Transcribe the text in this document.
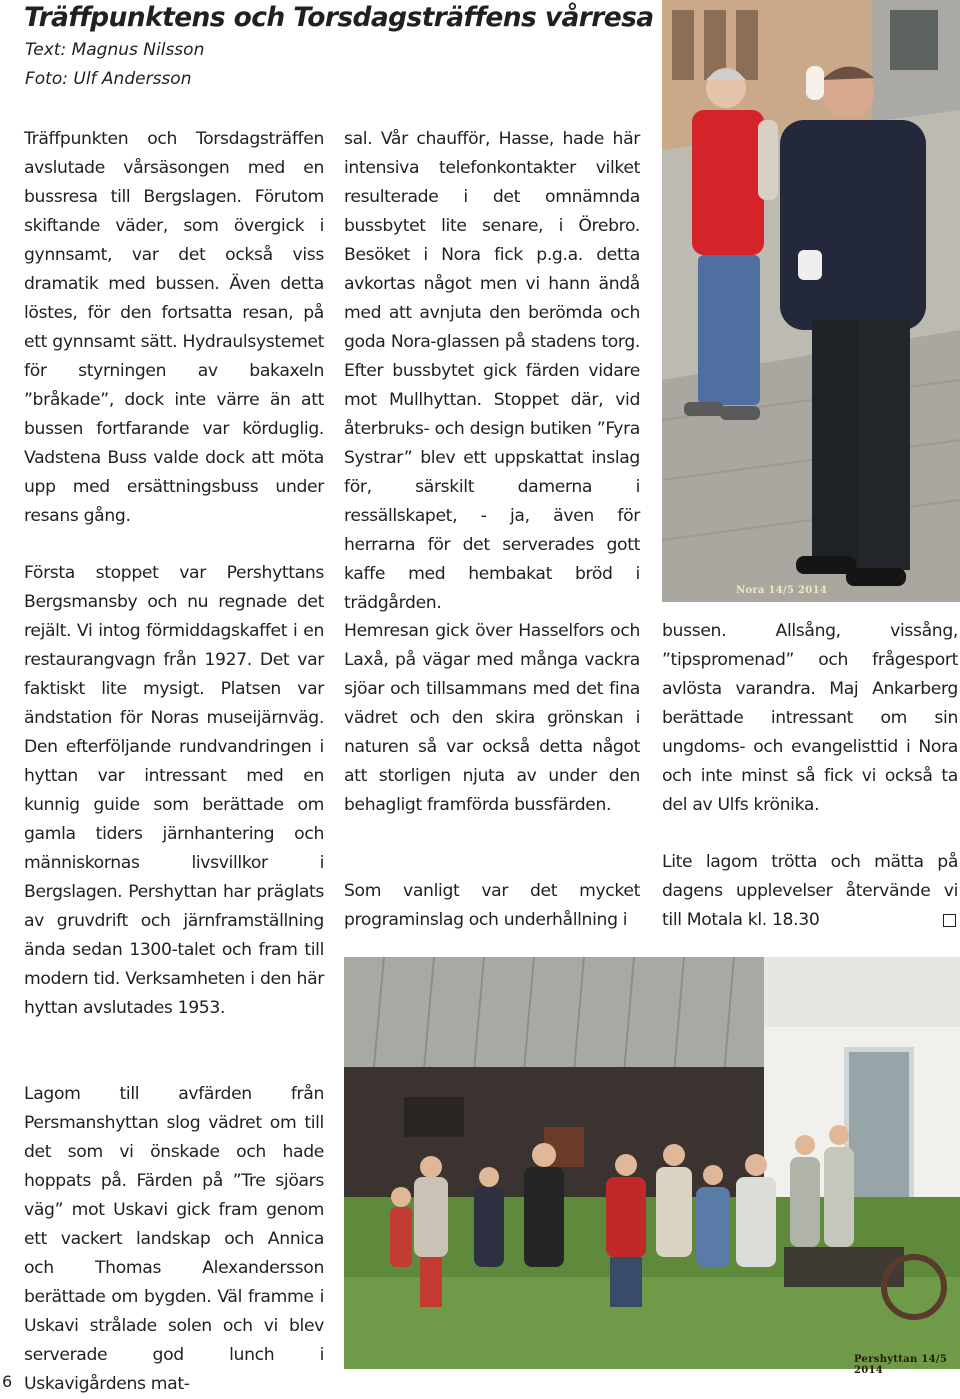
Träffpunktens och Torsdagsträffens vårresa

Text: Magnus Nilsson

Foto: Ulf Andersson

Träffpunkten och Torsdagsträffen avslutade vårsäsongen med en bussresa till Bergslagen. Förutom skiftande väder, som övergick i gynnsamt, var det också viss dramatik med bussen. Även detta löstes, för den fortsatta resan, på ett gynnsamt sätt. Hydraulsystemet för styrningen av bakaxeln ”bråkade”, dock inte värre än att bussen fortfarande var körduglig. Vadstena Buss valde dock att möta upp med ersättningsbuss under resans gång.

Första stoppet var Pershyttans Bergsmansby och nu regnade det rejält. Vi intog förmiddagskaffet i en restaurangvagn från 1927. Det var faktiskt lite mysigt. Platsen var ändstation för Noras museijärnväg. Den efterföljande rundvandringen i hyttan var intressant med en kunnig guide som berättade om gamla tiders järnhantering och människornas livsvillkor i Bergslagen. Pershyttan har präglats av gruvdrift och järnframställning ända sedan 1300-talet och fram till modern tid. Verksamheten i den här hyttan avslutades 1953.

Lagom till avfärden från Persmanshyttan slog vädret om till det som vi önskade och hade hoppats på. Färden på ”Tre sjöars väg” mot Uskavi gick fram genom ett vackert landskap och Annica och Thomas Alexandersson berättade om bygden. Väl framme i Uskavi strålade solen och vi blev serverade god lunch i Uskavigårdens mat-

sal. Vår chaufför, Hasse, hade här intensiva telefonkontakter vilket resulterade i det omnämnda bussbytet lite senare, i Örebro. Besöket i Nora fick p.g.a. detta avkortas något men vi hann ändå med att avnjuta den berömda och goda Nora-glassen på stadens torg. Efter bussbytet gick färden vidare mot Mullhyttan. Stoppet där, vid återbruks- och design butiken ”Fyra Systrar” blev ett uppskattat inslag för, särskilt damerna i ressällskapet, - ja, även för herrarna för det serverades gott kaffe med hembakat bröd i trädgården.

Hemresan gick över Hasselfors och Laxå, på vägar med många vackra sjöar och tillsammans med det fina vädret och den skira grönskan i naturen så var också detta något att storligen njuta av under den behagligt framförda bussfärden.

Som vanligt var det mycket programinslag och underhållning i

bussen. Allsång, vissång, ”tipspromenad” och frågesport avlösta varandra. Maj Ankarberg berättade intressant om sin ungdoms- och evangelisttid i Nora och inte minst så fick vi också ta del av Ulfs krönika.

Lite lagom trötta och mätta på dagens upplevelser återvände vi till Motala kl. 18.30

Nora 14/5 2014
Pershyttan 14/5 2014

6
